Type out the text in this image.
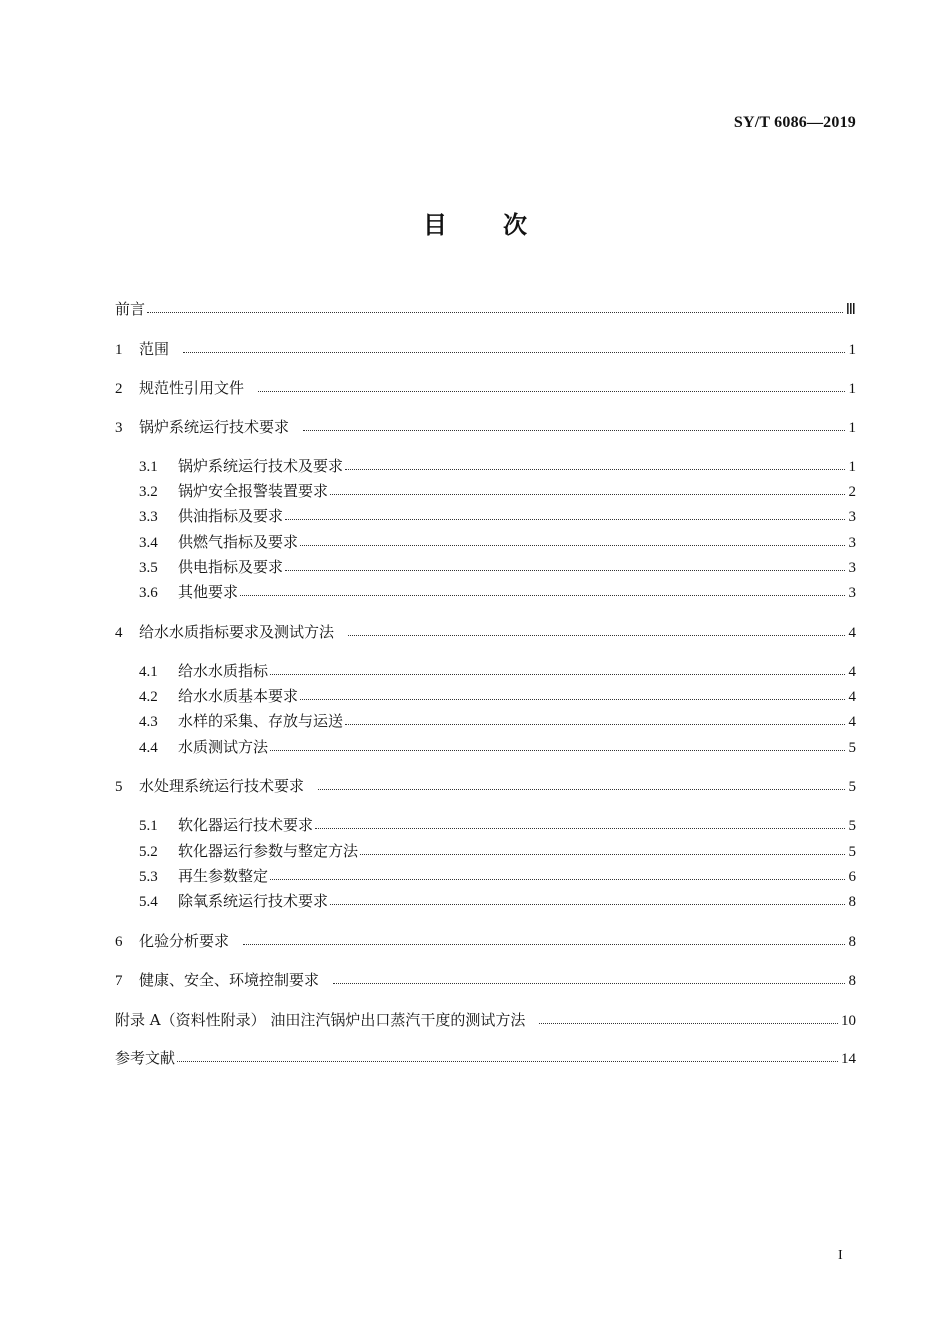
SY/T 6086—2019
目 次
前言	Ⅲ
1	范围	1
2	规范性引用文件	1
3	锅炉系统运行技术要求	1
3.1	锅炉系统运行技术及要求	1
3.2	锅炉安全报警装置要求	2
3.3	供油指标及要求	3
3.4	供燃气指标及要求	3
3.5	供电指标及要求	3
3.6	其他要求	3
4	给水水质指标要求及测试方法	4
4.1	给水水质指标	4
4.2	给水水质基本要求	4
4.3	水样的采集、存放与运送	4
4.4	水质测试方法	5
5	水处理系统运行技术要求	5
5.1	软化器运行技术要求	5
5.2	软化器运行参数与整定方法	5
5.3	再生参数整定	6
5.4	除氧系统运行技术要求	8
6	化验分析要求	8
7	健康、安全、环境控制要求	8
附录 A（资料性附录） 油田注汽锅炉出口蒸汽干度的测试方法	10
参考文献	14
I
